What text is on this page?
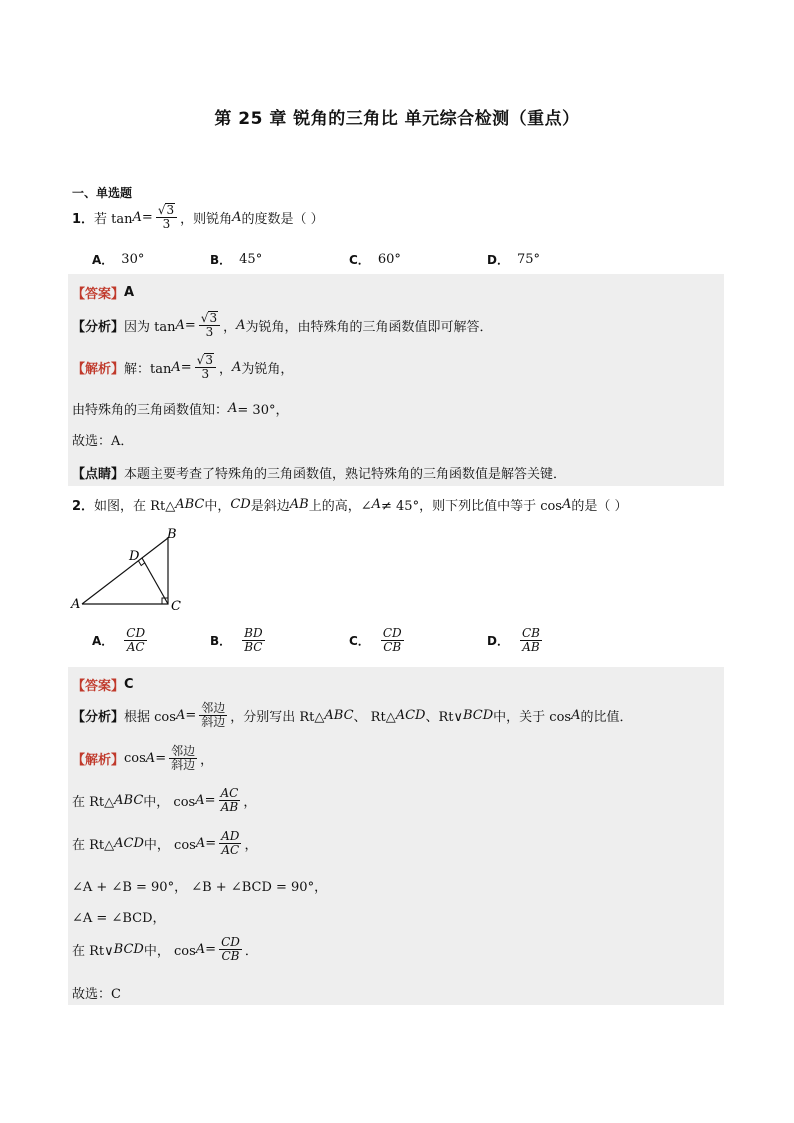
第 25 章 锐角的三角比 单元综合检测（重点）
一、单选题
1． 若 $\tan A = \frac{√ 3}{3}$ ，则锐角 A 的度数是（ ）
A． 30°	B． 45°	C． 60°	D． 75°
【答案】 A
【分析】 因为 $\tan A = \frac{√ 3}{3}$ ， A 为锐角，由特殊角的三角函数值即可解答．
【解析】 解：$\tan A = \frac{√ 3}{3}$ ， A 为锐角，
由特殊角的三角函数值知： A = 30°，
故选：A．
【点睛】 本题主要考查了特殊角的三角函数值，熟记特殊角的三角函数值是解答关键．
2． 如图，在 Rt△ ABC 中， CD 是斜边 AB 上的高，∠ A ≠ 45°，则下列比值中等于 cos A 的是（ ）
A
B
C
D
A． $\frac{CD}{AC}$	B． $\frac{BD}{BC}$	C． $\frac{CD}{CB}$	D． $\frac{CB}{AB}$
【答案】 C
【分析】 根据 $\cos A = \frac{\text{邻边}}{\text{斜边}}$ ，分别写出 Rt△ ABC 、 Rt△ ACD 、Rt∨ BCD 中，关于 cos A 的比值．
【解析】 $\cos A = \frac{\text{邻边}}{\text{斜边}}$ ，
在 Rt△ ABC 中， $\cos A = \frac{AC}{AB}$ ，
在 Rt△ ACD 中， $\cos A = \frac{AD}{AC}$ ，
∠A + ∠B = 90°， ∠B + ∠BCD = 90°，
∠A = ∠BCD，
在 Rt∨ BCD 中， $\cos A = \frac{CD}{CB}$ ．
故选：C
